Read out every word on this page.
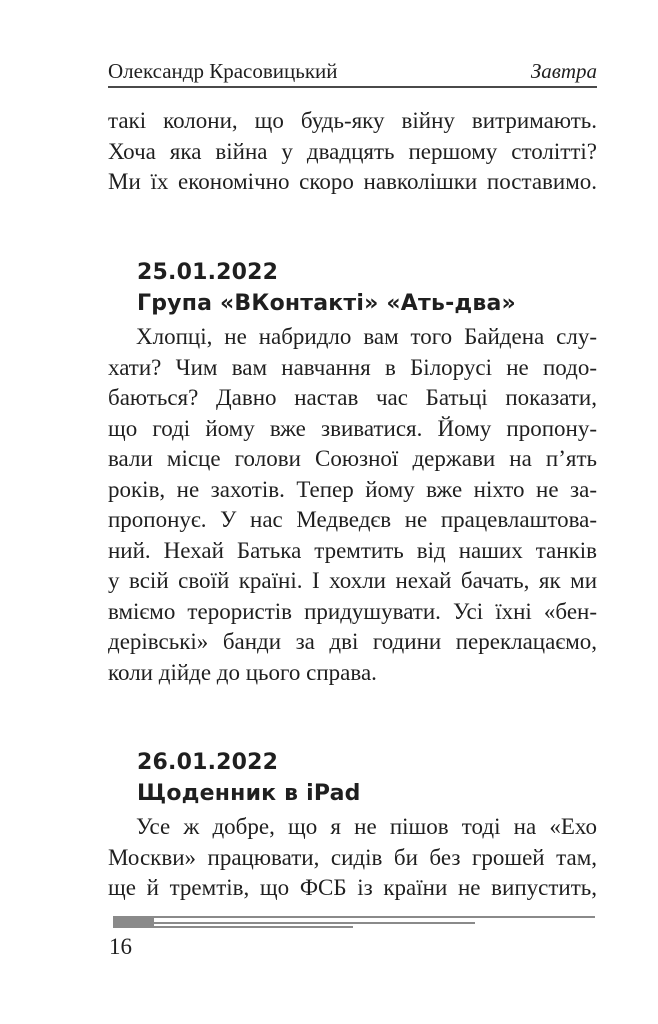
Олександр Красовицький	Завтра
такі колони, що будь-яку війну витримають.
Хоча яка війна у двадцять першому столітті?
Ми їх економічно скоро навколішки поставимо.
25.01.2022
Група «ВКонтакті» «Ать-два»
Хлопці, не набридло вам того Байдена слу-
хати? Чим вам навчання в Білорусі не подо-
баються? Давно настав час Батьці показати,
що годі йому вже звиватися. Йому пропону-
вали місце голови Союзної держави на п’ять
років, не захотів. Тепер йому вже ніхто не за-
пропонує. У нас Медведєв не працевлаштова-
ний. Нехай Батька тремтить від наших танків
у всій своїй країні. І хохли нехай бачать, як ми
вміємо терористів придушувати. Усі їхні «бен-
дерівські» банди за дві години переклацаємо,
коли дійде до цього справа.
26.01.2022
Щоденник в iPad
Усе ж добре, що я не пішов тоді на «Ехо
Москви» працювати, сидів би без грошей там,
ще й тремтів, що ФСБ із країни не випустить,
16
